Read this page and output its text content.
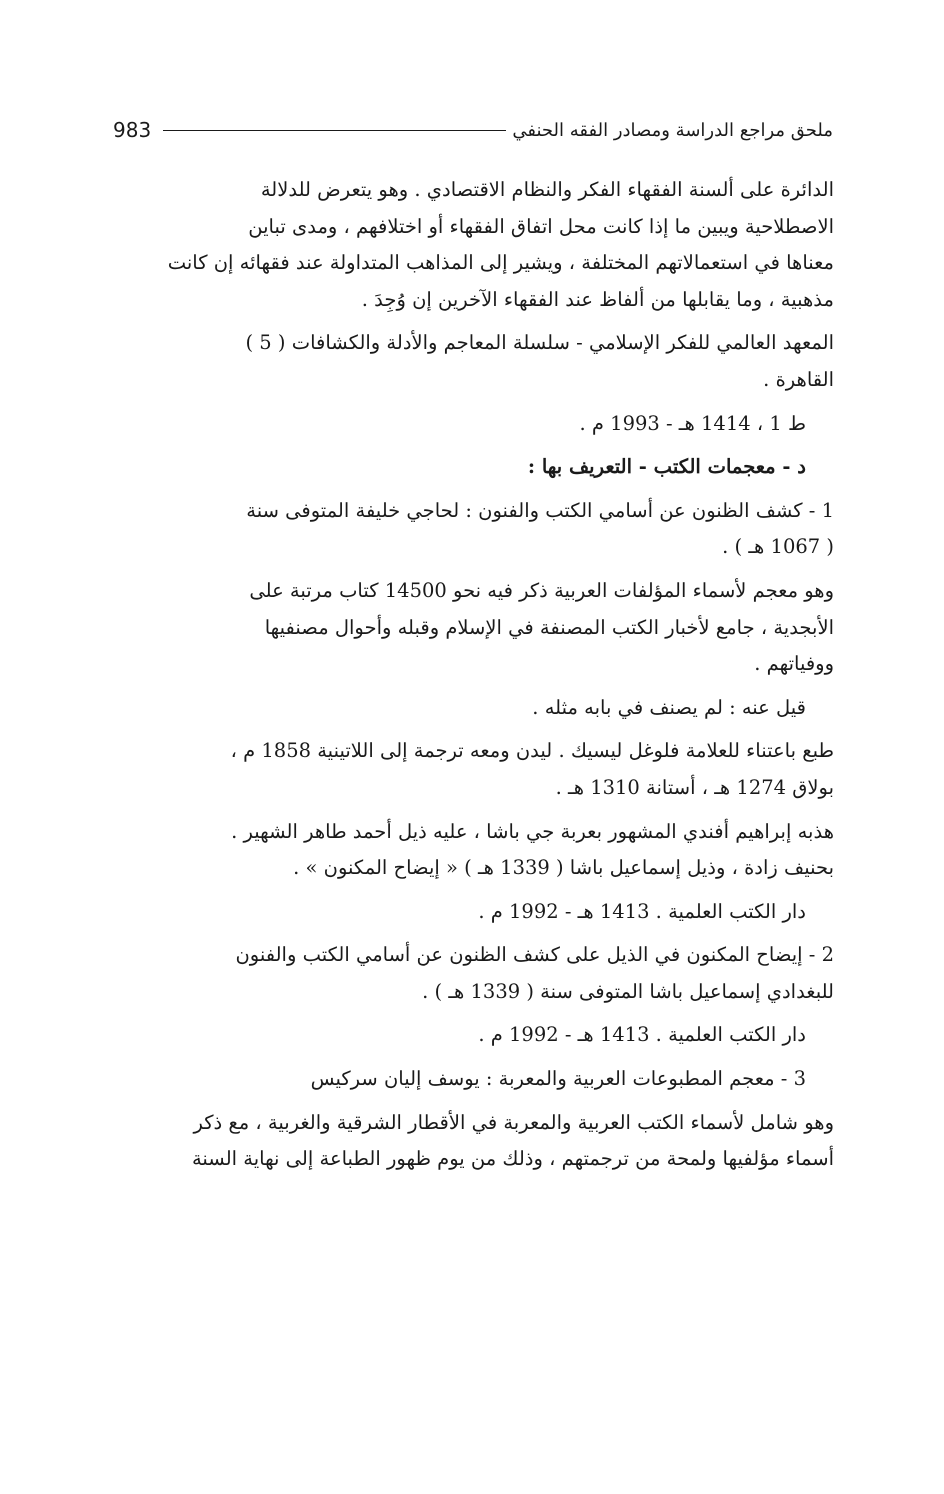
983	ملحق مراجع الدراسة ومصادر الفقه الحنفي

الدائرة على ألسنة الفقهاء الفكر والنظام الاقتصادي . وهو يتعرض للدلالة
الاصطلاحية ويبين ما إذا كانت محل اتفاق الفقهاء أو اختلافهم ، ومدى تباين
معناها في استعمالاتهم المختلفة ، ويشير إلى المذاهب المتداولة عند فقهائه إن كانت
مذهبية ، وما يقابلها من ألفاظ عند الفقهاء الآخرين إن وُجِدَ .

المعهد العالمي للفكر الإسلامي - سلسلة المعاجم والأدلة والكشافات ( 5 )
القاهرة .

ط 1 ، 1414 هـ - 1993 م .

د - معجمات الكتب - التعريف بها :

1 - كشف الظنون عن أسامي الكتب والفنون : لحاجي خليفة المتوفى سنة
( 1067 هـ ) .

وهو معجم لأسماء المؤلفات العربية ذكر فيه نحو 14500 كتاب مرتبة على
الأبجدية ، جامع لأخبار الكتب المصنفة في الإسلام وقبله وأحوال مصنفيها
ووفياتهم .

قيل عنه : لم يصنف في بابه مثله .

طبع باعتناء للعلامة فلوغل ليسيك . ليدن ومعه ترجمة إلى اللاتينية 1858 م ،
بولاق 1274 هـ ، أستانة 1310 هـ .

هذبه إبراهيم أفندي المشهور بعربة جي باشا ، عليه ذيل أحمد طاهر الشهير .
بحنيف زادة ، وذيل إسماعيل باشا ( 1339 هـ ) « إيضاح المكنون » .

دار الكتب العلمية . 1413 هـ - 1992 م .

2 - إيضاح المكنون في الذيل على كشف الظنون عن أسامي الكتب والفنون
للبغدادي إسماعيل باشا المتوفى سنة ( 1339 هـ ) .

دار الكتب العلمية . 1413 هـ - 1992 م .

3 - معجم المطبوعات العربية والمعربة : يوسف إليان سركيس

وهو شامل لأسماء الكتب العربية والمعربة في الأقطار الشرقية والغربية ، مع ذكر
أسماء مؤلفيها ولمحة من ترجمتهم ، وذلك من يوم ظهور الطباعة إلى نهاية السنة
